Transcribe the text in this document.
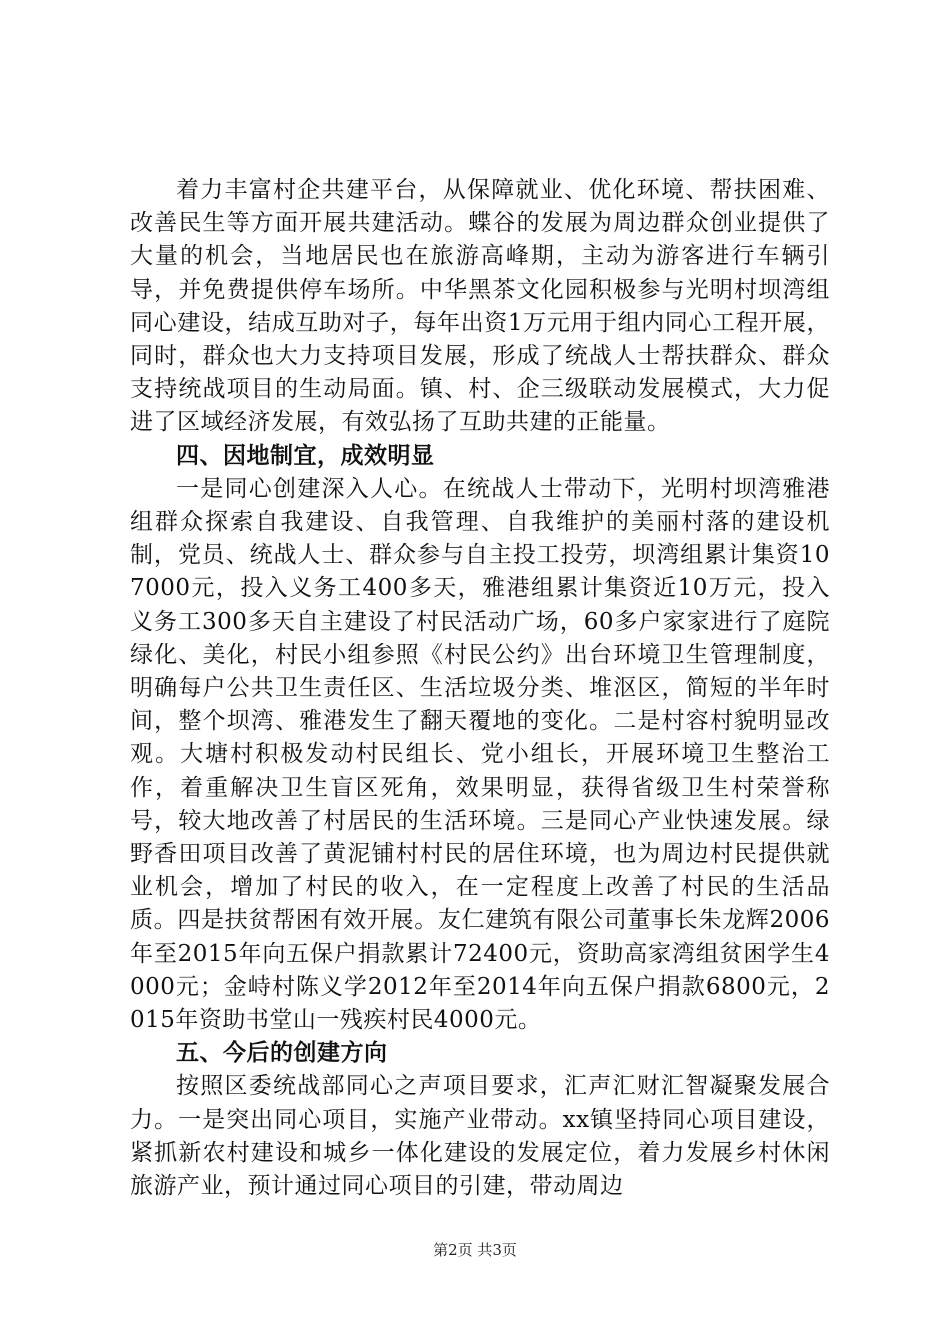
着力丰富村企共建平台，从保障就业、优化环境、帮扶困难、改善民生等方面开展共建活动。蝶谷的发展为周边群众创业提供了大量的机会，当地居民也在旅游高峰期，主动为游客进行车辆引导，并免费提供停车场所。中华黑茶文化园积极参与光明村坝湾组同心建设，结成互助对子，每年出资1万元用于组内同心工程开展，同时，群众也大力支持项目发展，形成了统战人士帮扶群众、群众支持统战项目的生动局面。镇、村、企三级联动发展模式，大力促进了区域经济发展，有效弘扬了互助共建的正能量。

四、因地制宜，成效明显

一是同心创建深入人心。在统战人士带动下，光明村坝湾雅港组群众探索自我建设、自我管理、自我维护的美丽村落的建设机制，党员、统战人士、群众参与自主投工投劳，坝湾组累计集资107000元，投入义务工400多天，雅港组累计集资近10万元，投入义务工300多天自主建设了村民活动广场，60多户家家进行了庭院绿化、美化，村民小组参照《村民公约》出台环境卫生管理制度，明确每户公共卫生责任区、生活垃圾分类、堆沤区，简短的半年时间，整个坝湾、雅港发生了翻天覆地的变化。二是村容村貌明显改观。大塘村积极发动村民组长、党小组长，开展环境卫生整治工作，着重解决卫生盲区死角，效果明显，获得省级卫生村荣誉称号，较大地改善了村居民的生活环境。三是同心产业快速发展。绿野香田项目改善了黄泥铺村村民的居住环境，也为周边村民提供就业机会，增加了村民的收入，在一定程度上改善了村民的生活品质。四是扶贫帮困有效开展。友仁建筑有限公司董事长朱龙辉2006年至2015年向五保户捐款累计72400元，资助高家湾组贫困学生4000元；金峙村陈义学2012年至2014年向五保户捐款6800元，2015年资助书堂山一残疾村民4000元。

五、今后的创建方向

按照区委统战部同心之声项目要求，汇声汇财汇智凝聚发展合力。一是突出同心项目，实施产业带动。xx镇坚持同心项目建设，紧抓新农村建设和城乡一体化建设的发展定位，着力发展乡村休闲旅游产业，预计通过同心项目的引建，带动周边

第2页 共3页
